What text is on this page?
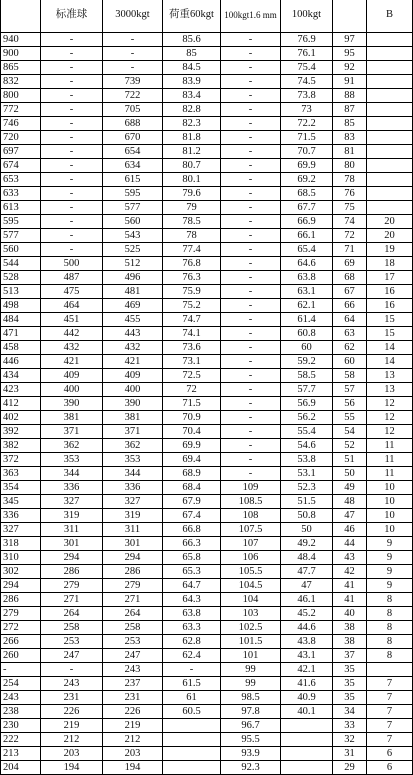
	标准球	3000kgt	荷重60kgt	100kgt1.6 mm	100kgt		B

940	-	-	85.6	-	76.9	97	
900	-	-	85	-	76.1	95	
865	-	-	84.5	-	75.4	92	
832	-	739	83.9	-	74.5	91	
800	-	722	83.4	-	73.8	88	
772	-	705	82.8	-	73	87	
746	-	688	82.3	-	72.2	85	
720	-	670	81.8	-	71.5	83	
697	-	654	81.2	-	70.7	81	
674	-	634	80.7	-	69.9	80	
653	-	615	80.1	-	69.2	78	
633	-	595	79.6	-	68.5	76	
613	-	577	79	-	67.7	75	
595	-	560	78.5	-	66.9	74	20
577	-	543	78	-	66.1	72	20
560	-	525	77.4	-	65.4	71	19
544	500	512	76.8	-	64.6	69	18
528	487	496	76.3	-	63.8	68	17
513	475	481	75.9	-	63.1	67	16
498	464	469	75.2	-	62.1	66	16
484	451	455	74.7	-	61.4	64	15
471	442	443	74.1	-	60.8	63	15
458	432	432	73.6	-	60	62	14
446	421	421	73.1	-	59.2	60	14
434	409	409	72.5	-	58.5	58	13
423	400	400	72	-	57.7	57	13
412	390	390	71.5	-	56.9	56	12
402	381	381	70.9	-	56.2	55	12
392	371	371	70.4	-	55.4	54	12
382	362	362	69.9	-	54.6	52	11
372	353	353	69.4	-	53.8	51	11
363	344	344	68.9	-	53.1	50	11
354	336	336	68.4	109	52.3	49	10
345	327	327	67.9	108.5	51.5	48	10
336	319	319	67.4	108	50.8	47	10
327	311	311	66.8	107.5	50	46	10
318	301	301	66.3	107	49.2	44	9
310	294	294	65.8	106	48.4	43	9
302	286	286	65.3	105.5	47.7	42	9
294	279	279	64.7	104.5	47	41	9
286	271	271	64.3	104	46.1	41	8
279	264	264	63.8	103	45.2	40	8
272	258	258	63.3	102.5	44.6	38	8
266	253	253	62.8	101.5	43.8	38	8
260	247	247	62.4	101	43.1	37	8
-	-	243	-	99	42.1	35	
254	243	237	61.5	99	41.6	35	7
243	231	231	61	98.5	40.9	35	7
238	226	226	60.5	97.8	40.1	34	7
230	219	219		96.7		33	7
222	212	212		95.5		32	7
213	203	203		93.9		31	6
204	194	194		92.3		29	6
